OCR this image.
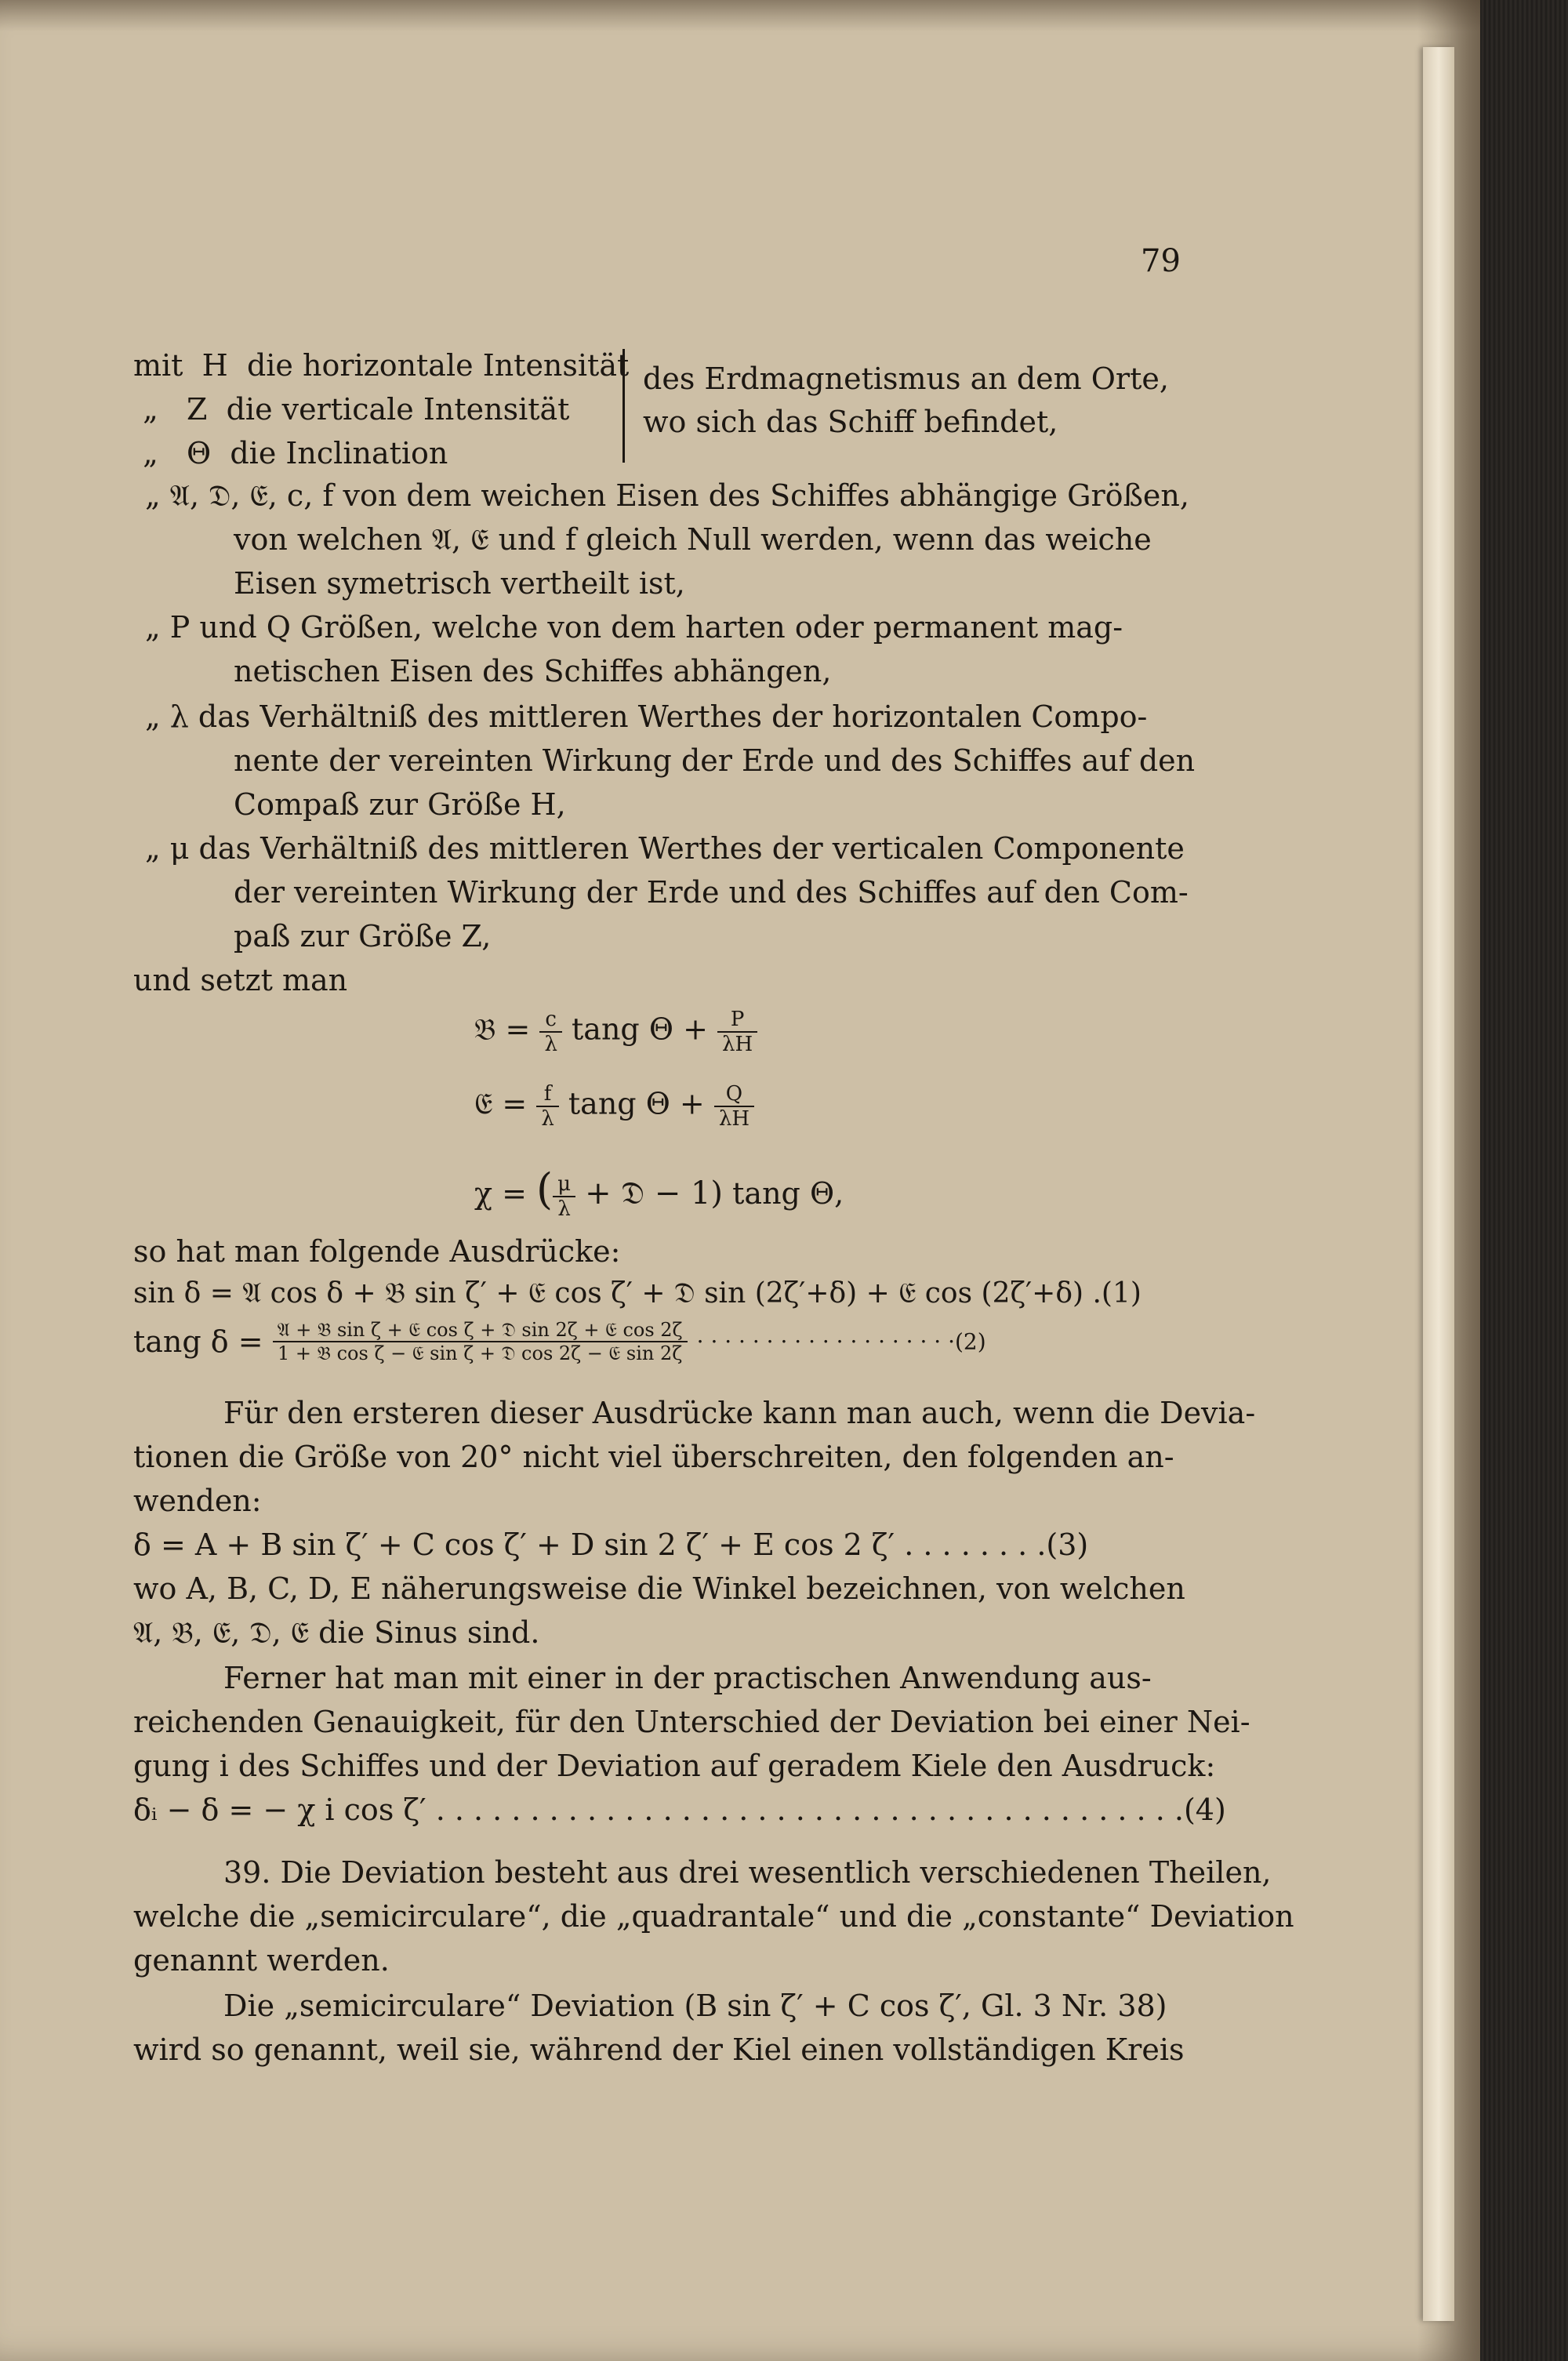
79
mit H die horizontale Intensität
„ Z die verticale Intensität
„ Θ die Inclination
des Erdmagnetismus an dem Orte,
wo sich das Schiff befindet,
„ 𝔄, 𝔇, 𝔈, c, f von dem weichen Eisen des Schiffes abhängige Größen,
von welchen 𝔄, 𝔈 und f gleich Null werden, wenn das weiche
Eisen symetrisch vertheilt ist,
„ P und Q Größen, welche von dem harten oder permanent mag-
netischen Eisen des Schiffes abhängen,
„ λ das Verhältniß des mittleren Werthes der horizontalen Compo-
nente der vereinten Wirkung der Erde und des Schiffes auf den
Compaß zur Größe H,
„ μ das Verhältniß des mittleren Werthes der verticalen Componente
der vereinten Wirkung der Erde und des Schiffes auf den Com-
paß zur Größe Z,
und setzt man
𝔅 = $\frac{c}{\lambda}$ tang $\Theta + \frac{P}{\lambda H}$
𝔈 = $\frac{f}{\lambda}$ tang $\Theta + \frac{Q}{\lambda H}$
χ = ( $\frac{\mu}{\lambda}$ + 𝔇 − 1) tang Θ,
so hat man folgende Ausdrücke:
sin δ = 𝔄 cos δ + 𝔅 sin ζ′ + 𝔈 cos ζ′ + 𝔇 sin (2ζ′+δ) + 𝔈 cos (2ζ′+δ) .(1)
tang $\delta = \frac{\text{𝔄 + 𝔅 sin ζ + 𝔈 cos ζ + 𝔇 sin 2ζ + 𝔈 cos 2ζ}}{\text{1 + 𝔅 cos ζ − 𝔈 sin ζ + 𝔇 cos 2ζ − 𝔈 sin 2ζ}}$ · · · · · · · · · · · · · · · · · · ·(2)
Für den ersteren dieser Ausdrücke kann man auch, wenn die Devia-
tionen die Größe von 20° nicht viel überschreiten, den folgenden an-
wenden:
δ = A + B sin ζ′ + C cos ζ′ + D sin 2 ζ′ + E cos 2 ζ′ . . . . . . . .(3)
wo A, B, C, D, E näherungsweise die Winkel bezeichnen, von welchen
𝔄, 𝔅, 𝔈, 𝔇, 𝔈 die Sinus sind.
Ferner hat man mit einer in der practischen Anwendung aus-
reichenden Genauigkeit, für den Unterschied der Deviation bei einer Nei-
gung i des Schiffes und der Deviation auf geradem Kiele den Ausdruck:
δᵢ − δ = − χ i cos ζ′ . . . . . . . . . . . . . . . . . . . . . . . . . . . . . . . . . . . . . . . .(4)
39. Die Deviation besteht aus drei wesentlich verschiedenen Theilen,
welche die „semicirculare“, die „quadrantale“ und die „constante“ Deviation
genannt werden.
Die „semicirculare“ Deviation (B sin ζ′ + C cos ζ′, Gl. 3 Nr. 38)
wird so genannt, weil sie, während der Kiel einen vollständigen Kreis
